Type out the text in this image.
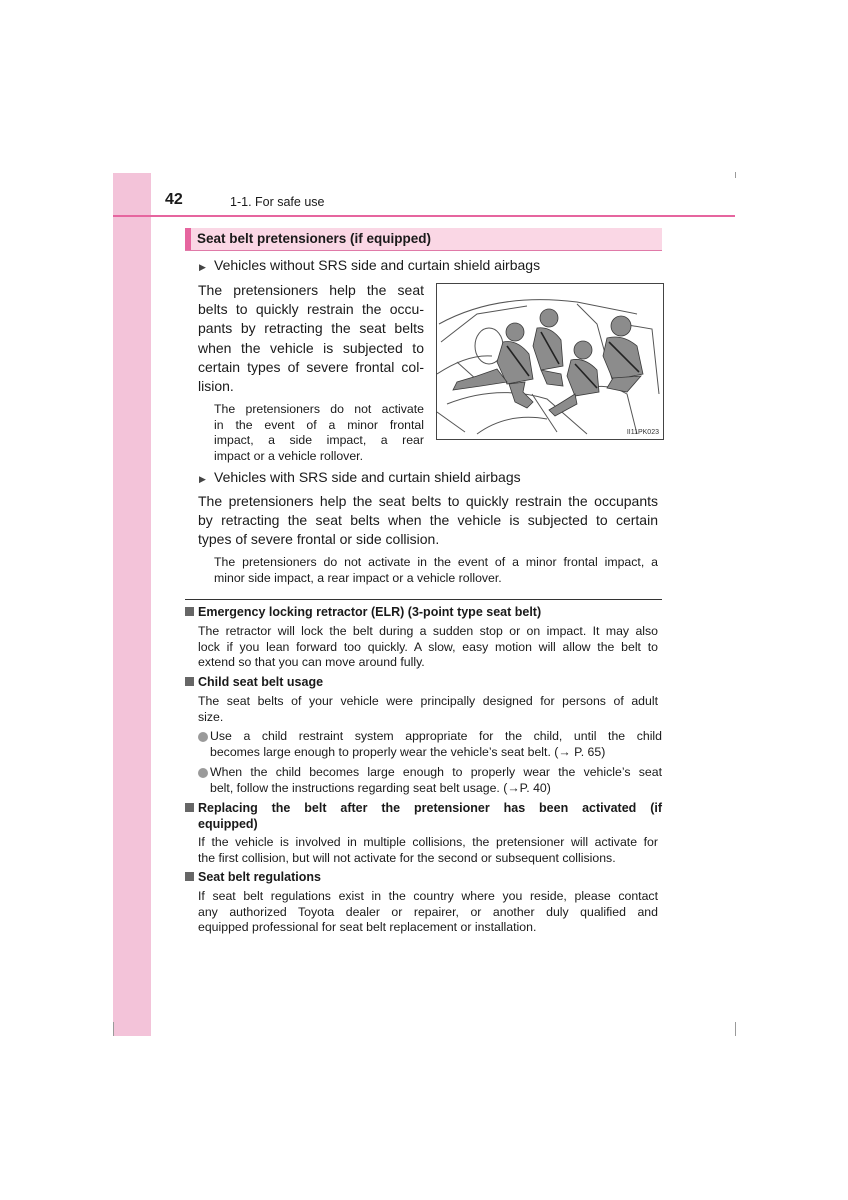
42	1-1. For safe use
Seat belt pretensioners (if equipped)
▶ Vehicles without SRS side and curtain shield airbags
The pretensioners help the seat
belts to quickly restrain the occu-
pants by retracting the seat belts
when the vehicle is subjected to
certain types of severe frontal col-
lision.
The pretensioners do not activate
in the event of a minor frontal
impact, a side impact, a rear
impact or a vehicle rollover.
II11PK023
▶ Vehicles with SRS side and curtain shield airbags
The pretensioners help the seat belts to quickly restrain the occupants
by retracting the seat belts when the vehicle is subjected to certain
types of severe frontal or side collision.
The pretensioners do not activate in the event of a minor frontal impact, a
minor side impact, a rear impact or a vehicle rollover.
Emergency locking retractor (ELR) (3-point type seat belt)
The retractor will lock the belt during a sudden stop or on impact. It may also
lock if you lean forward too quickly. A slow, easy motion will allow the belt to
extend so that you can move around fully.
Child seat belt usage
The seat belts of your vehicle were principally designed for persons of adult
size.
Use a child restraint system appropriate for the child, until the child
becomes large enough to properly wear the vehicle’s seat belt. (→ P. 65)
When the child becomes large enough to properly wear the vehicle’s seat
belt, follow the instructions regarding seat belt usage. (→P. 40)
Replacing the belt after the pretensioner has been activated (if
equipped)
If the vehicle is involved in multiple collisions, the pretensioner will activate for
the first collision, but will not activate for the second or subsequent collisions.
Seat belt regulations
If seat belt regulations exist in the country where you reside, please contact
any authorized Toyota dealer or repairer, or another duly qualified and
equipped professional for seat belt replacement or installation.
